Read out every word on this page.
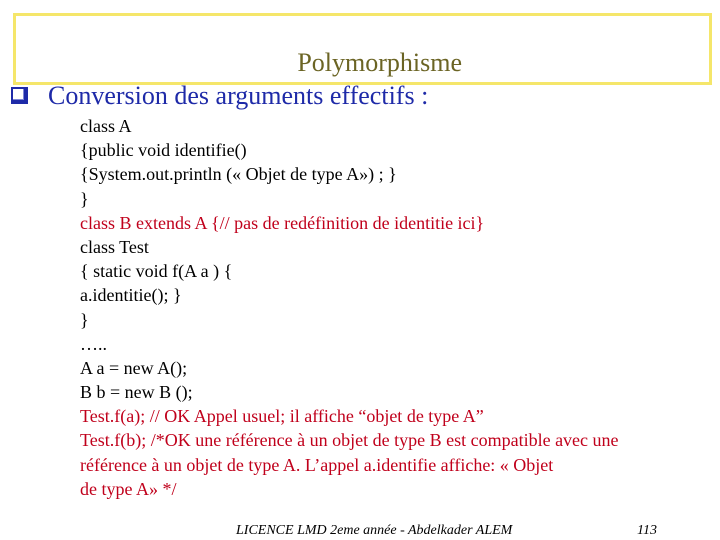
Polymorphisme
Conversion des arguments effectifs :
class A
{public void identifie()
{System.out.println (« Objet de type A») ; }
}
class B extends A {// pas de redéfinition de identitie ici}
class Test
{ static void f(A a ) {
a.identitie(); }
}
…..
A a = new A();
B b = new B ();
Test.f(a); // OK Appel usuel; il affiche “objet de type A”
Test.f(b); /*OK une référence à un objet de type B est compatible avec une
référence à un objet de type A. L’appel a.identifie affiche: « Objet
de type A» */
LICENCE LMD 2eme année - Abdelkader ALEM	113
